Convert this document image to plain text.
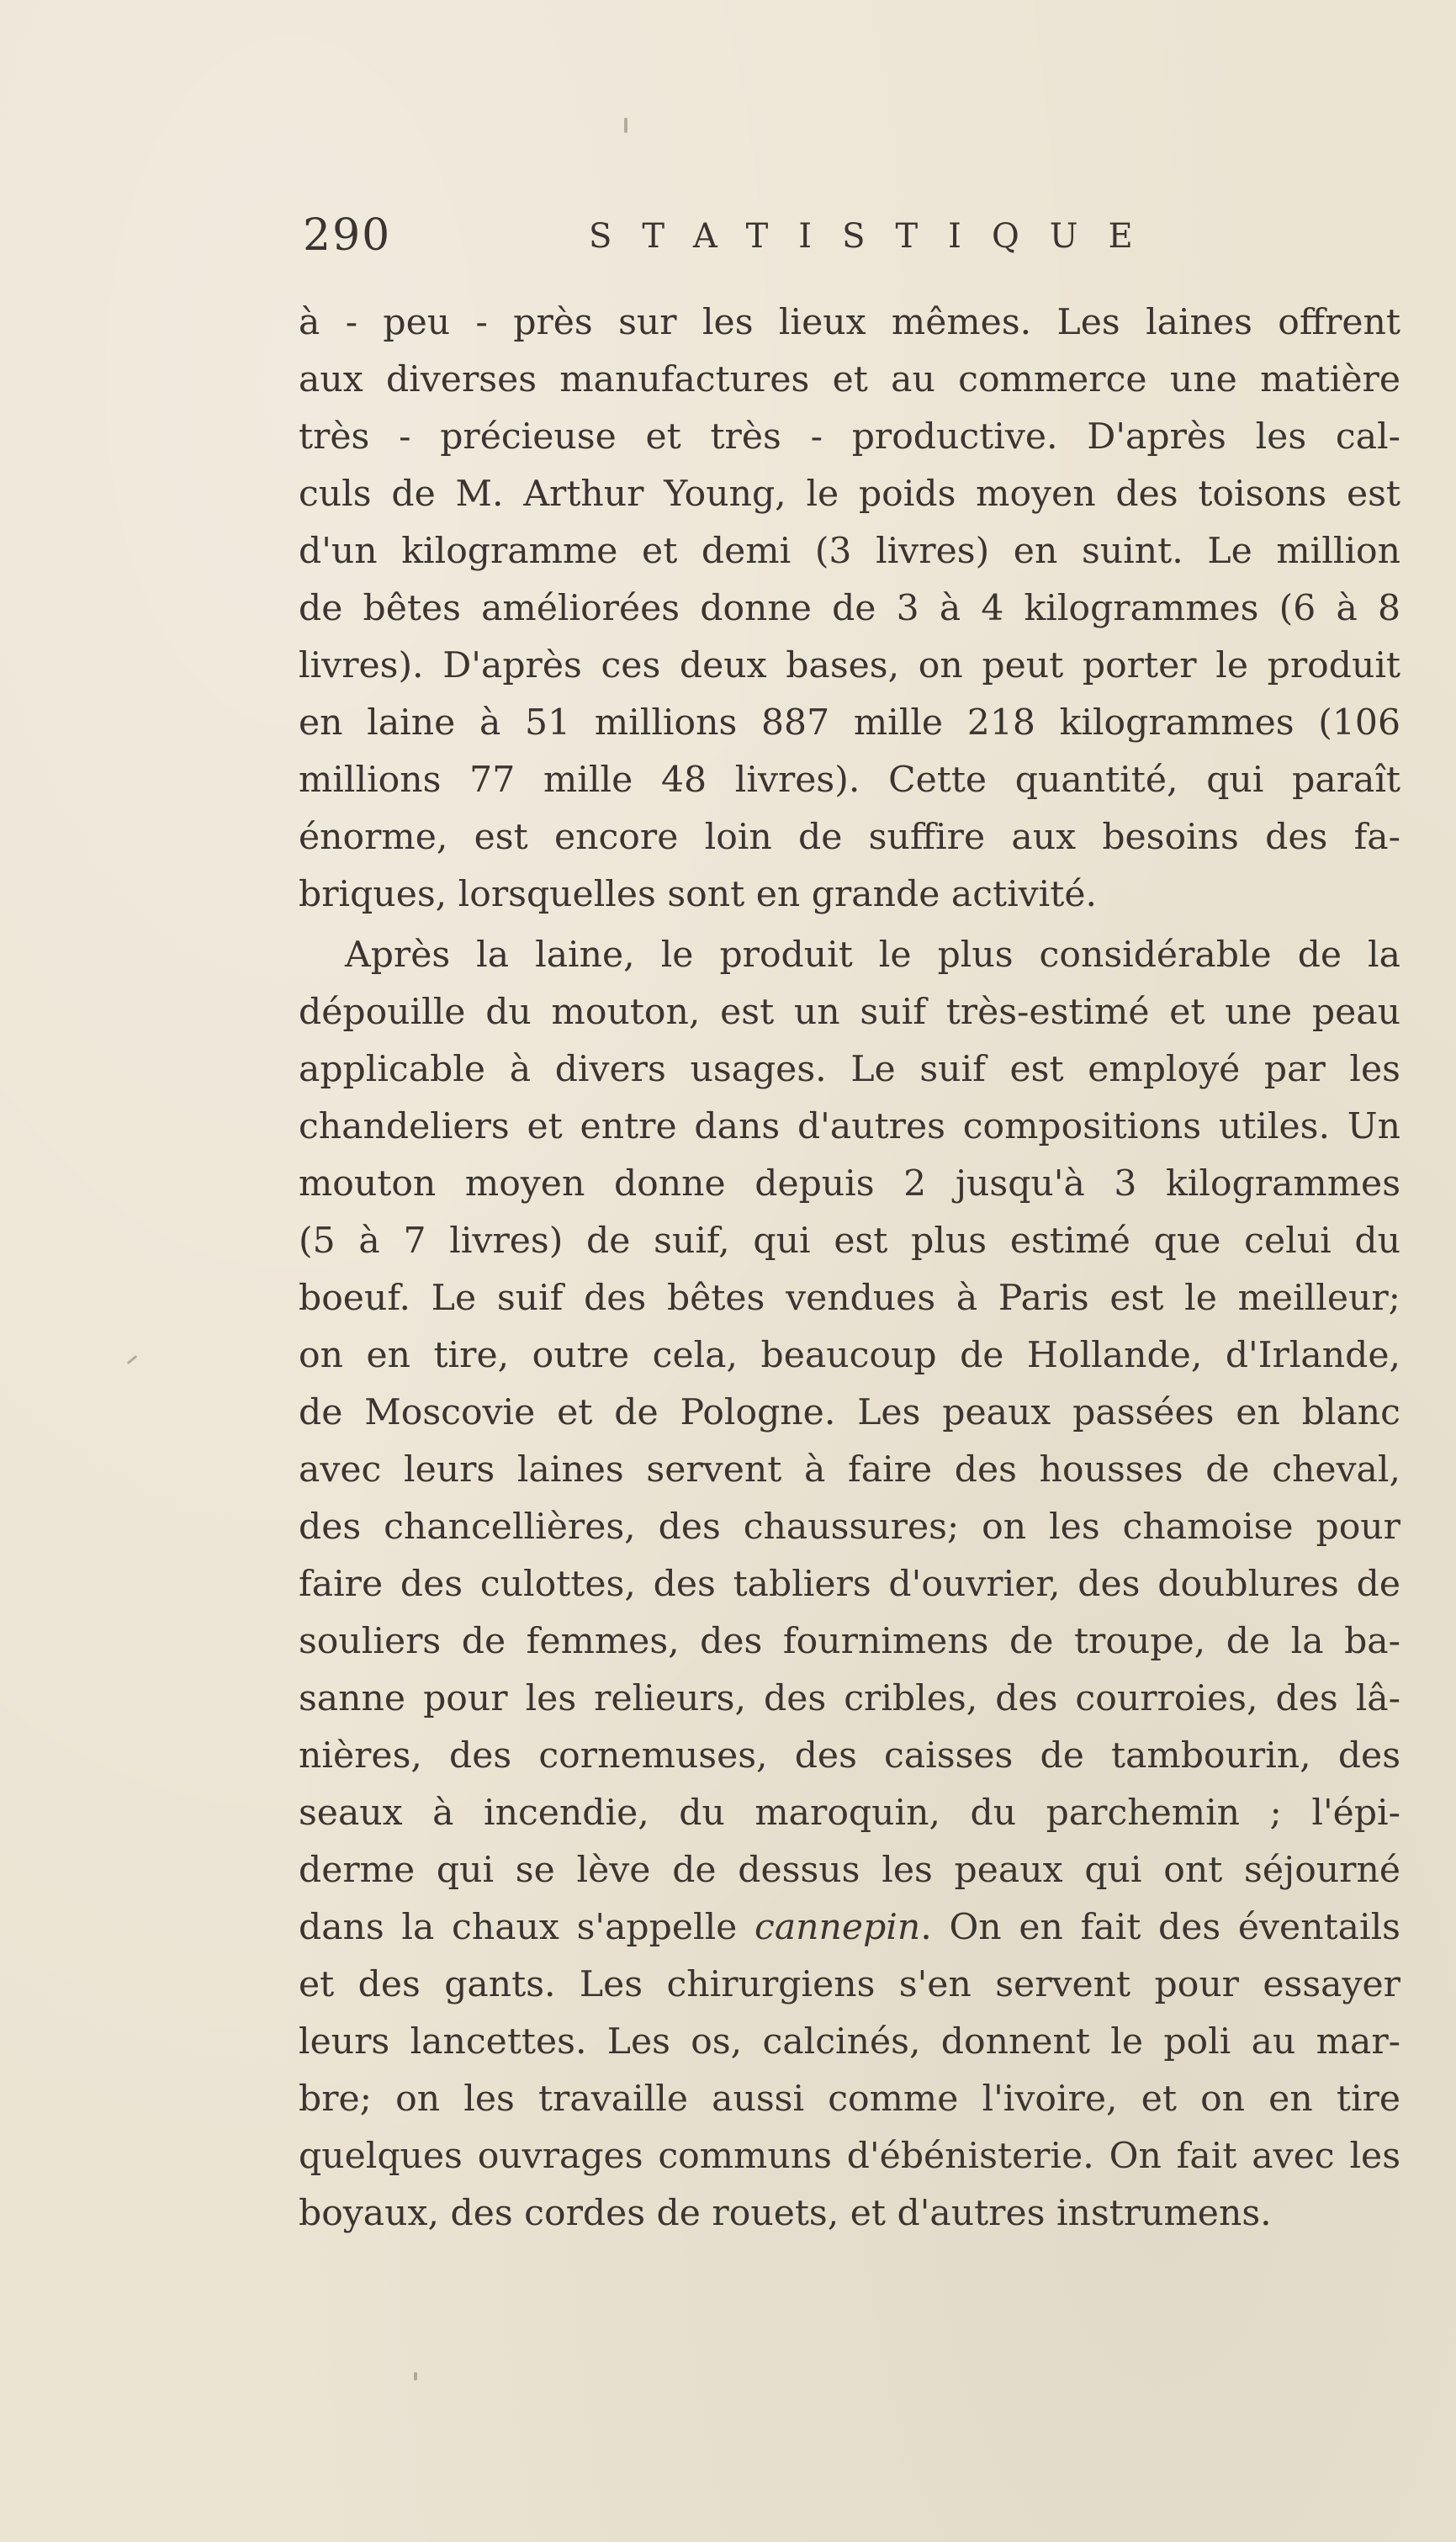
290	STATISTIQUE
à - peu - près sur les lieux mêmes. Les laines offrent
aux diverses manufactures et au commerce une matière
très - précieuse et très - productive. D'après les cal-
culs de M. Arthur Young, le poids moyen des toisons est
d'un kilogramme et demi (3 livres) en suint. Le million
de bêtes améliorées donne de 3 à 4 kilogrammes (6 à 8
livres). D'après ces deux bases, on peut porter le produit
en laine à 51 millions 887 mille 218 kilogrammes (106
millions 77 mille 48 livres). Cette quantité, qui paraît
énorme, est encore loin de suffire aux besoins des fa-
briques, lorsquelles sont en grande activité.
Après la laine, le produit le plus considérable de la
dépouille du mouton, est un suif très-estimé et une peau
applicable à divers usages. Le suif est employé par les
chandeliers et entre dans d'autres compositions utiles. Un
mouton moyen donne depuis 2 jusqu'à 3 kilogrammes
(5 à 7 livres) de suif, qui est plus estimé que celui du
boeuf. Le suif des bêtes vendues à Paris est le meilleur;
on en tire, outre cela, beaucoup de Hollande, d'Irlande,
de Moscovie et de Pologne. Les peaux passées en blanc
avec leurs laines servent à faire des housses de cheval,
des chancellières, des chaussures; on les chamoise pour
faire des culottes, des tabliers d'ouvrier, des doublures de
souliers de femmes, des fournimens de troupe, de la ba-
sanne pour les relieurs, des cribles, des courroies, des lâ-
nières, des cornemuses, des caisses de tambourin, des
seaux à incendie, du maroquin, du parchemin ; l'épi-
derme qui se lève de dessus les peaux qui ont séjourné
dans la chaux s'appelle cannepin. On en fait des éventails
et des gants. Les chirurgiens s'en servent pour essayer
leurs lancettes. Les os, calcinés, donnent le poli au mar-
bre; on les travaille aussi comme l'ivoire, et on en tire
quelques ouvrages communs d'ébénisterie. On fait avec les
boyaux, des cordes de rouets, et d'autres instrumens.
